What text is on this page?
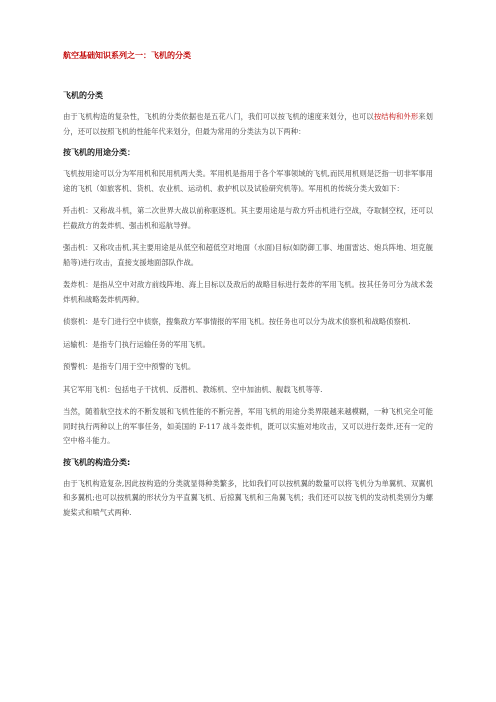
航空基础知识系列之一：飞机的分类
飞机的分类

由于飞机构造的复杂性，飞机的分类依据也是五花八门，我们可以按飞机的速度来划分，也可以按结构和外形来划分，还可以按照飞机的性能年代来划分，但最为常用的分类法为以下两种：

按飞机的用途分类：

飞机按用途可以分为军用机和民用机两大类。军用机是指用于各个军事领域的飞机,而民用机则是泛指一切非军事用途的飞机（如旅客机、货机、农业机、运动机、救护机以及试验研究机等)。军用机的传统分类大致如下：

歼击机：又称战斗机，第二次世界大战以前称驱逐机。其主要用途是与敌方歼击机进行空战，夺取制空权，还可以拦截敌方的轰炸机、强击机和巡航导弹。

强击机：又称攻击机,其主要用途是从低空和超低空对地面（水面)目标(如防御工事、地面雷达、炮兵阵地、坦克舰船等)进行攻击，直接支援地面部队作战。

轰炸机：是指从空中对敌方前线阵地、海上目标以及敌后的战略目标进行轰炸的军用飞机。按其任务可分为战术轰炸机和战略轰炸机两种。

侦察机：是专门进行空中侦察，搜集敌方军事情报的军用飞机。按任务也可以分为战术侦察机和战略侦察机.

运输机：是指专门执行运输任务的军用飞机。

预警机：是指专门用于空中预警的飞机。

其它军用飞机：包括电子干扰机、反潜机、教练机、空中加油机、舰载飞机等等.

当然，随着航空技术的不断发展和飞机性能的不断完善，军用飞机的用途分类界限越来越模糊，一种飞机完全可能同时执行两种以上的军事任务，如美国的 F-117 战斗轰炸机，既可以实施对地攻击，又可以进行轰炸,还有一定的空中格斗能力。

按飞机的构造分类:

由于飞机构造复杂,因此按构造的分类就显得种类繁多，比如我们可以按机翼的数量可以将飞机分为单翼机、双翼机和多翼机;也可以按机翼的形状分为平直翼飞机、后掠翼飞机和三角翼飞机；我们还可以按飞机的发动机类别分为螺旋桨式和喷气式两种.
